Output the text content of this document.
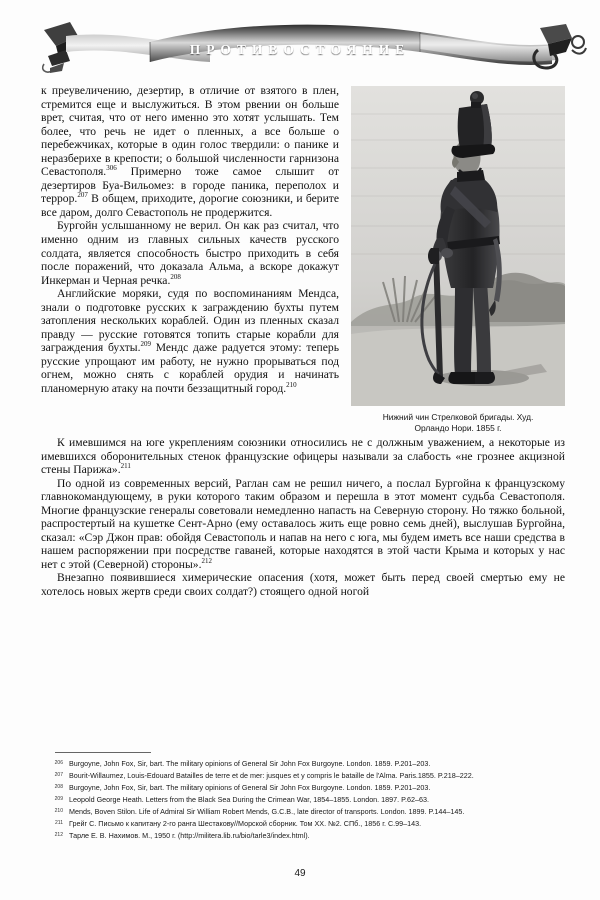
ПРОТИВОСТОЯНИЕ
Нижний чин Стрелковой бригады. Худ.
Орландо Нори. 1855 г.

к преувеличению, дезертир, в отличие от взятого в плен, стремится еще и выслужиться. В этом рвении он больше врет, считая, что от него именно это хотят услышать. Тем более, что речь не идет о пленных, а все больше о перебежчиках, которые в один голос твердили: о панике и неразберихе в крепости; о большой численности гарнизона Севастополя.$^{306}$ Примерно тоже самое слышит от дезертиров Буа-Вильомез: в городе паника, переполох и террор.$^{207}$ В общем, приходите, дорогие союзники, и берите все даром, долго Севастополь не продержится.

Бургойн услышанному не верил. Он как раз считал, что именно одним из главных сильных качеств русского солдата, является способность быстро приходить в себя после поражений, что доказала Альма, а вскоре докажут Инкерман и Черная речка.$^{208}$

Английские моряки, судя по воспоминаниям Мендса, знали о подготовке русских к заграждению бухты путем затопления нескольких кораблей. Один из пленных сказал правду — русские готовятся топить старые корабли для заграждения бухты.$^{209}$ Мендс даже радуется этому: теперь русские упрощают им работу, не нужно прорываться под огнем, можно снять с кораблей орудия и начинать планомерную атаку на почти беззащитный город.$^{210}$

К имевшимся на юге укреплениям союзники относились не с должным уважением, а некоторые из имевшихся оборонительных стенок французские офицеры называли за слабость «не грознее акцизной стены Парижа».$^{211}$

По одной из современных версий, Раглан сам не решил ничего, а послал Бургойна к французскому главнокомандующему, в руки которого таким образом и перешла в этот момент судьба Севастополя. Многие французские генералы советовали немедленно напасть на Северную сторону. Но тяжко больной, распростертый на кушетке Сент-Арно (ему оставалось жить еще ровно семь дней), выслушав Бургойна, сказал: «Сэр Джон прав: обойдя Севастополь и напав на него с юга, мы будем иметь все наши средства в нашем распоряжении при посредстве гаваней, которые находятся в этой части Крыма и которых у нас нет с этой (Северной) стороны».$^{212}$

Внезапно появившиеся химерические опасения (хотя, может быть перед своей смертью ему не хотелось новых жертв среди своих солдат?) стоящего одной ногой

206 Burgoyne, John Fox, Sir, bart. The military opinions of General Sir John Fox Burgoyne. London. 1859. P.201–203.
207 Bourit-Willaumez, Louis-Edouard Batailles de terre et de mer: jusques et y compris le bataille de l'Alma. Paris.1855. P.218–222.
208 Burgoyne, John Fox, Sir, bart. The military opinions of General Sir John Fox Burgoyne. London. 1859. P.201–203.
209 Leopold George Heath. Letters from the Black Sea During the Crimean War, 1854–1855. London. 1897. P.62–63.
210 Mends, Boven Stilon. Life of Admiral Sir William Robert Mends, G.C.B., late director of transports. London. 1899. P.144–145.
211 Грейг С. Письмо к капитану 2-го ранга Шестакову//Морской сборник. Том XX. №2. СПб., 1856 г. C.99–143.
212 Тарле Е. В. Нахимов. М., 1950 г. (http://militera.lib.ru/bio/tarle3/index.html).
49
